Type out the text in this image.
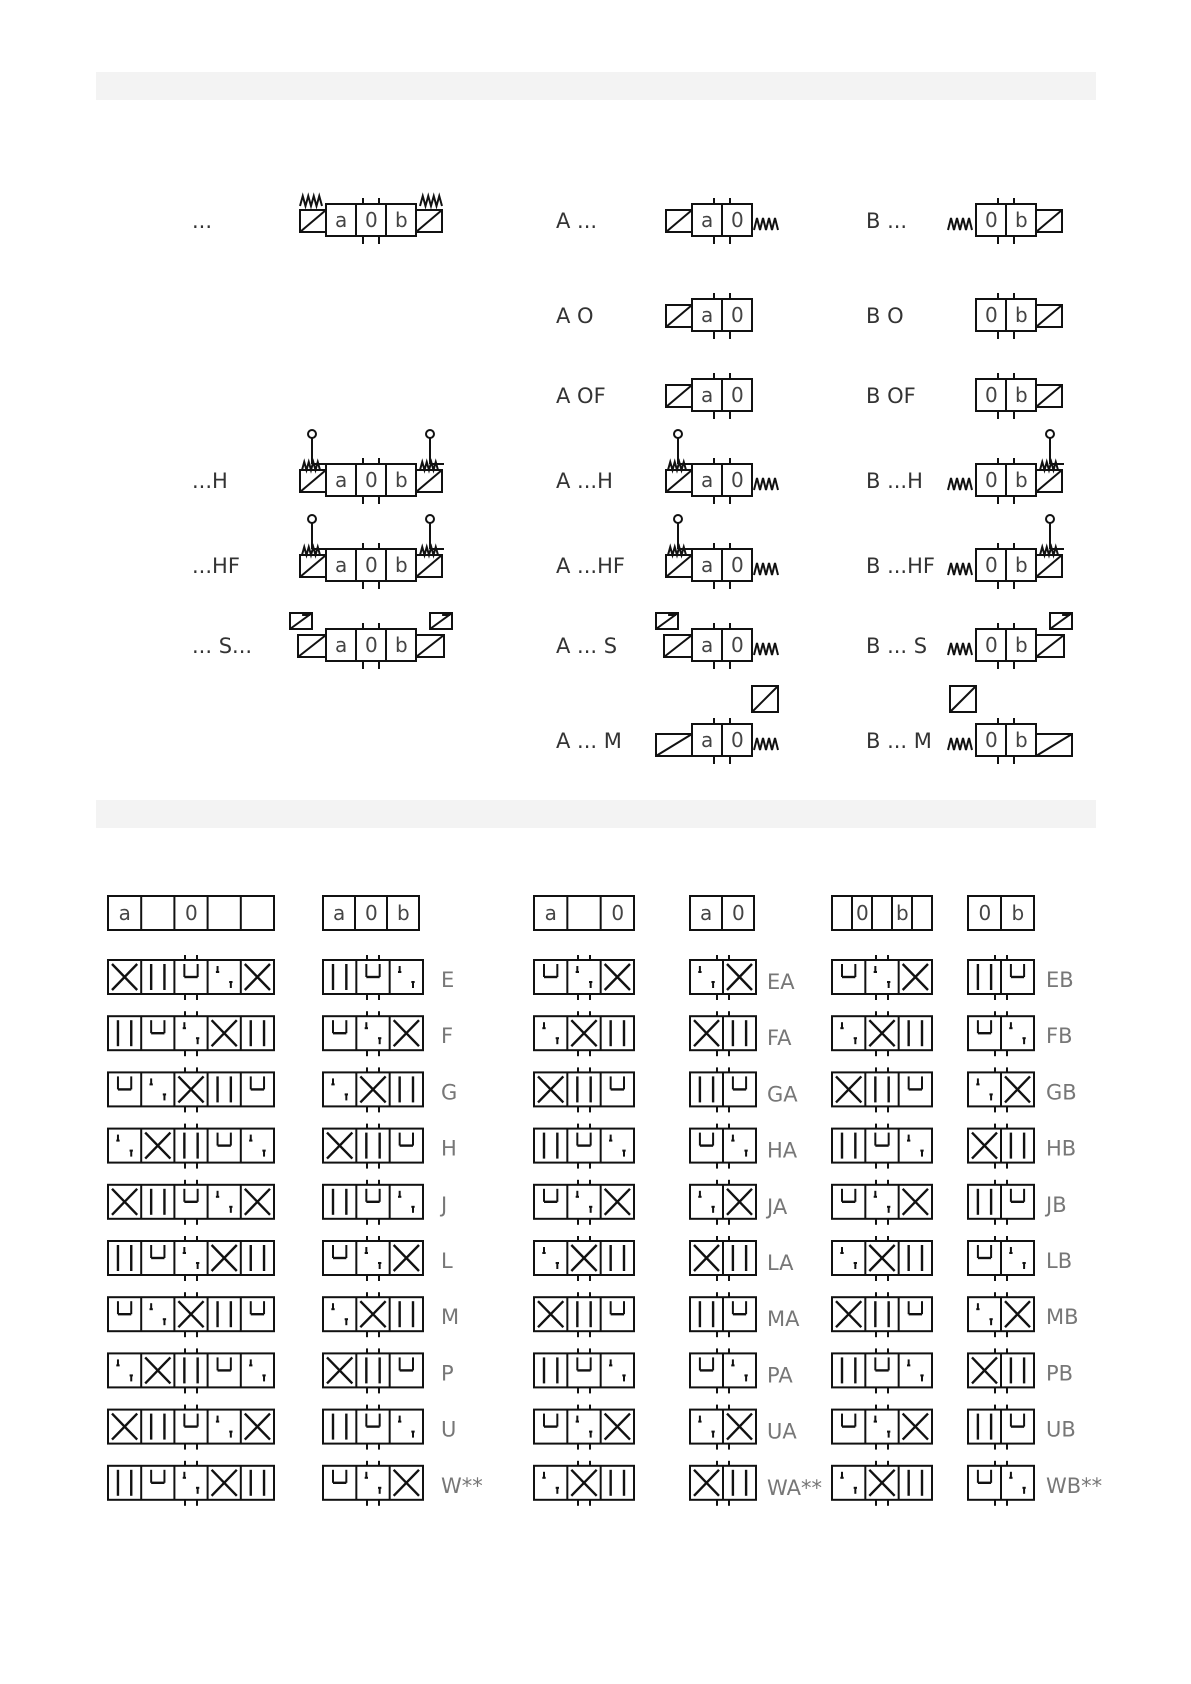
...	a 0 b
...H	a 0 b
...HF	a 0 b
... S...	a 0 b
A ...	a 0
A O	a 0
A OF	a 0
A ...H	a 0
A ...HF	a 0
A ... S	a 0
A ... M	a 0
B ...	0 b
B O	0 b
B OF	0 b
B ...H	0 b
B ...HF	0 b
B ... S	0 b
B ... M	0 b
a	0	a 0 b	a	0	a 0	0 b	0 b
E	EA	EB
F	FA	FB
G	GA	GB
H	HA	HB
J	JA	JB
L	LA	LB
M	MA	MB
P	PA	PB
U	UA	UB
W**	WA**	WB**
